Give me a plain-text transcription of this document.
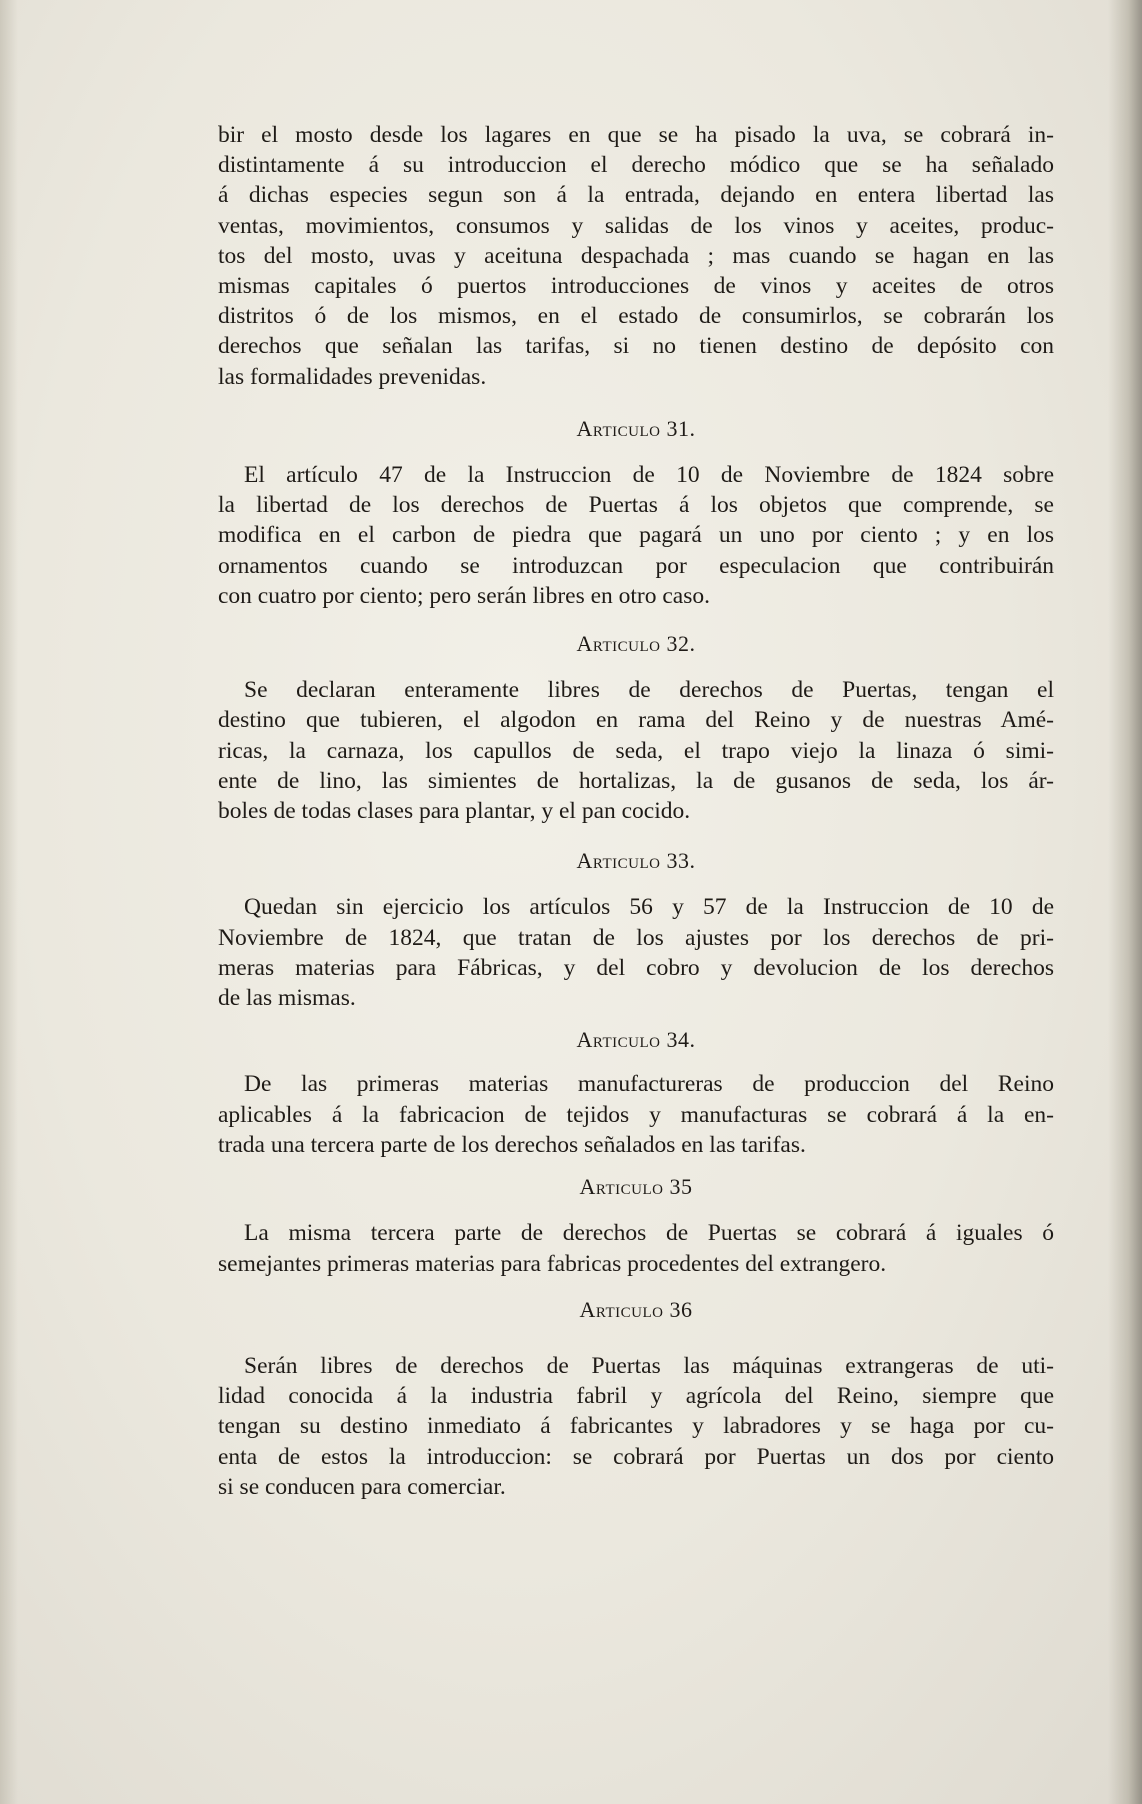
bir el mosto desde los lagares en que se ha pisado la uva, se cobrará in-
distintamente á su introduccion el derecho módico que se ha señalado
á dichas especies segun son á la entrada, dejando en entera libertad las
ventas, movimientos, consumos y salidas de los vinos y aceites, produc-
tos del mosto, uvas y aceituna despachada ; mas cuando se hagan en las
mismas capitales ó puertos introducciones de vinos y aceites de otros
distritos ó de los mismos, en el estado de consumirlos, se cobrarán los
derechos que señalan las tarifas, si no tienen destino de depósito con
las formalidades prevenidas.

Articulo 31.

El artículo 47 de la Instruccion de 10 de Noviembre de 1824 sobre
la libertad de los derechos de Puertas á los objetos que comprende, se
modifica en el carbon de piedra que pagará un uno por ciento ; y en los
ornamentos cuando se introduzcan por especulacion que contribuirán
con cuatro por ciento; pero serán libres en otro caso.

Articulo 32.

Se declaran enteramente libres de derechos de Puertas, tengan el
destino que tubieren, el algodon en rama del Reino y de nuestras Amé-
ricas, la carnaza, los capullos de seda, el trapo viejo la linaza ó simi-
ente de lino, las simientes de hortalizas, la de gusanos de seda, los ár-
boles de todas clases para plantar, y el pan cocido.

Articulo 33.

Quedan sin ejercicio los artículos 56 y 57 de la Instruccion de 10 de
Noviembre de 1824, que tratan de los ajustes por los derechos de pri-
meras materias para Fábricas, y del cobro y devolucion de los derechos
de las mismas.

Articulo 34.

De las primeras materias manufactureras de produccion del Reino
aplicables á la fabricacion de tejidos y manufacturas se cobrará á la en-
trada una tercera parte de los derechos señalados en las tarifas.

Articulo 35

La misma tercera parte de derechos de Puertas se cobrará á iguales ó
semejantes primeras materias para fabricas procedentes del extrangero.

Articulo 36

Serán libres de derechos de Puertas las máquinas extrangeras de uti-
lidad conocida á la industria fabril y agrícola del Reino, siempre que
tengan su destino inmediato á fabricantes y labradores y se haga por cu-
enta de estos la introduccion: se cobrará por Puertas un dos por ciento
si se conducen para comerciar.
